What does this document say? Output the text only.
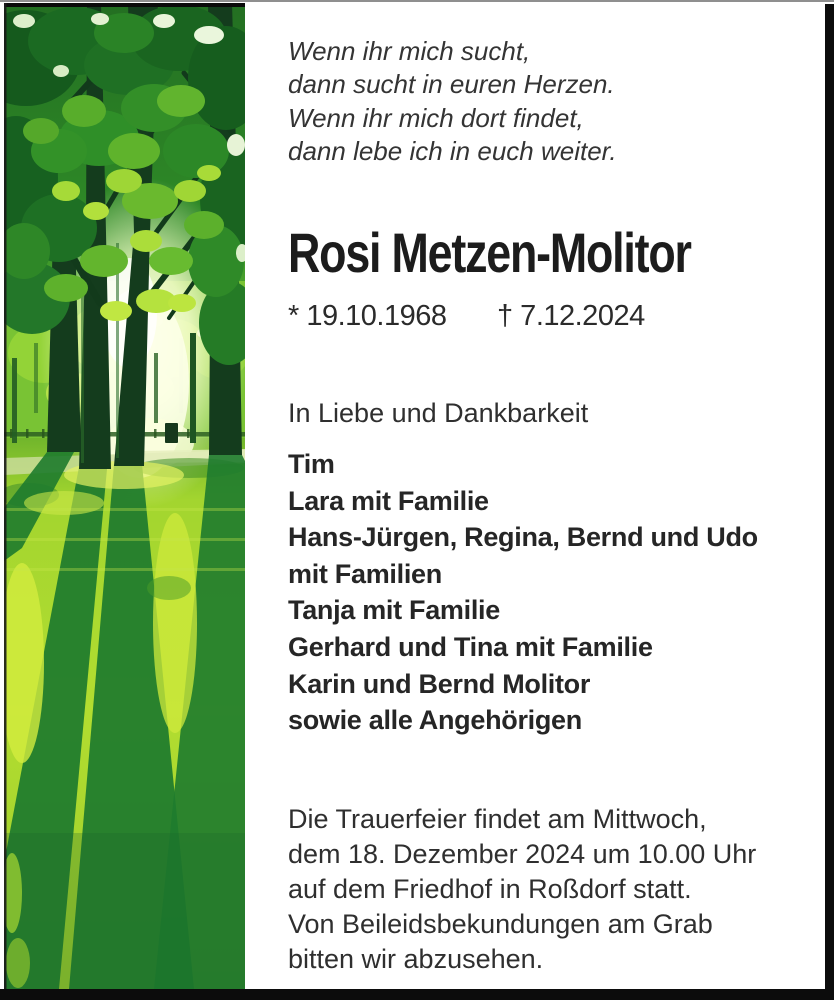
Wenn ihr mich sucht,
dann sucht in euren Herzen.
Wenn ihr mich dort findet,
dann lebe ich in euch weiter.
Rosi Metzen-Molitor
* 19.10.1968 † 7.12.2024
In Liebe und Dankbarkeit
Tim
Lara mit Familie
Hans-Jürgen, Regina, Bernd und Udo
mit Familien
Tanja mit Familie
Gerhard und Tina mit Familie
Karin und Bernd Molitor
sowie alle Angehörigen
Die Trauerfeier findet am Mittwoch,
dem 18. Dezember 2024 um 10.00 Uhr
auf dem Friedhof in Roßdorf statt.
Von Beileidsbekundungen am Grab
bitten wir abzusehen.
